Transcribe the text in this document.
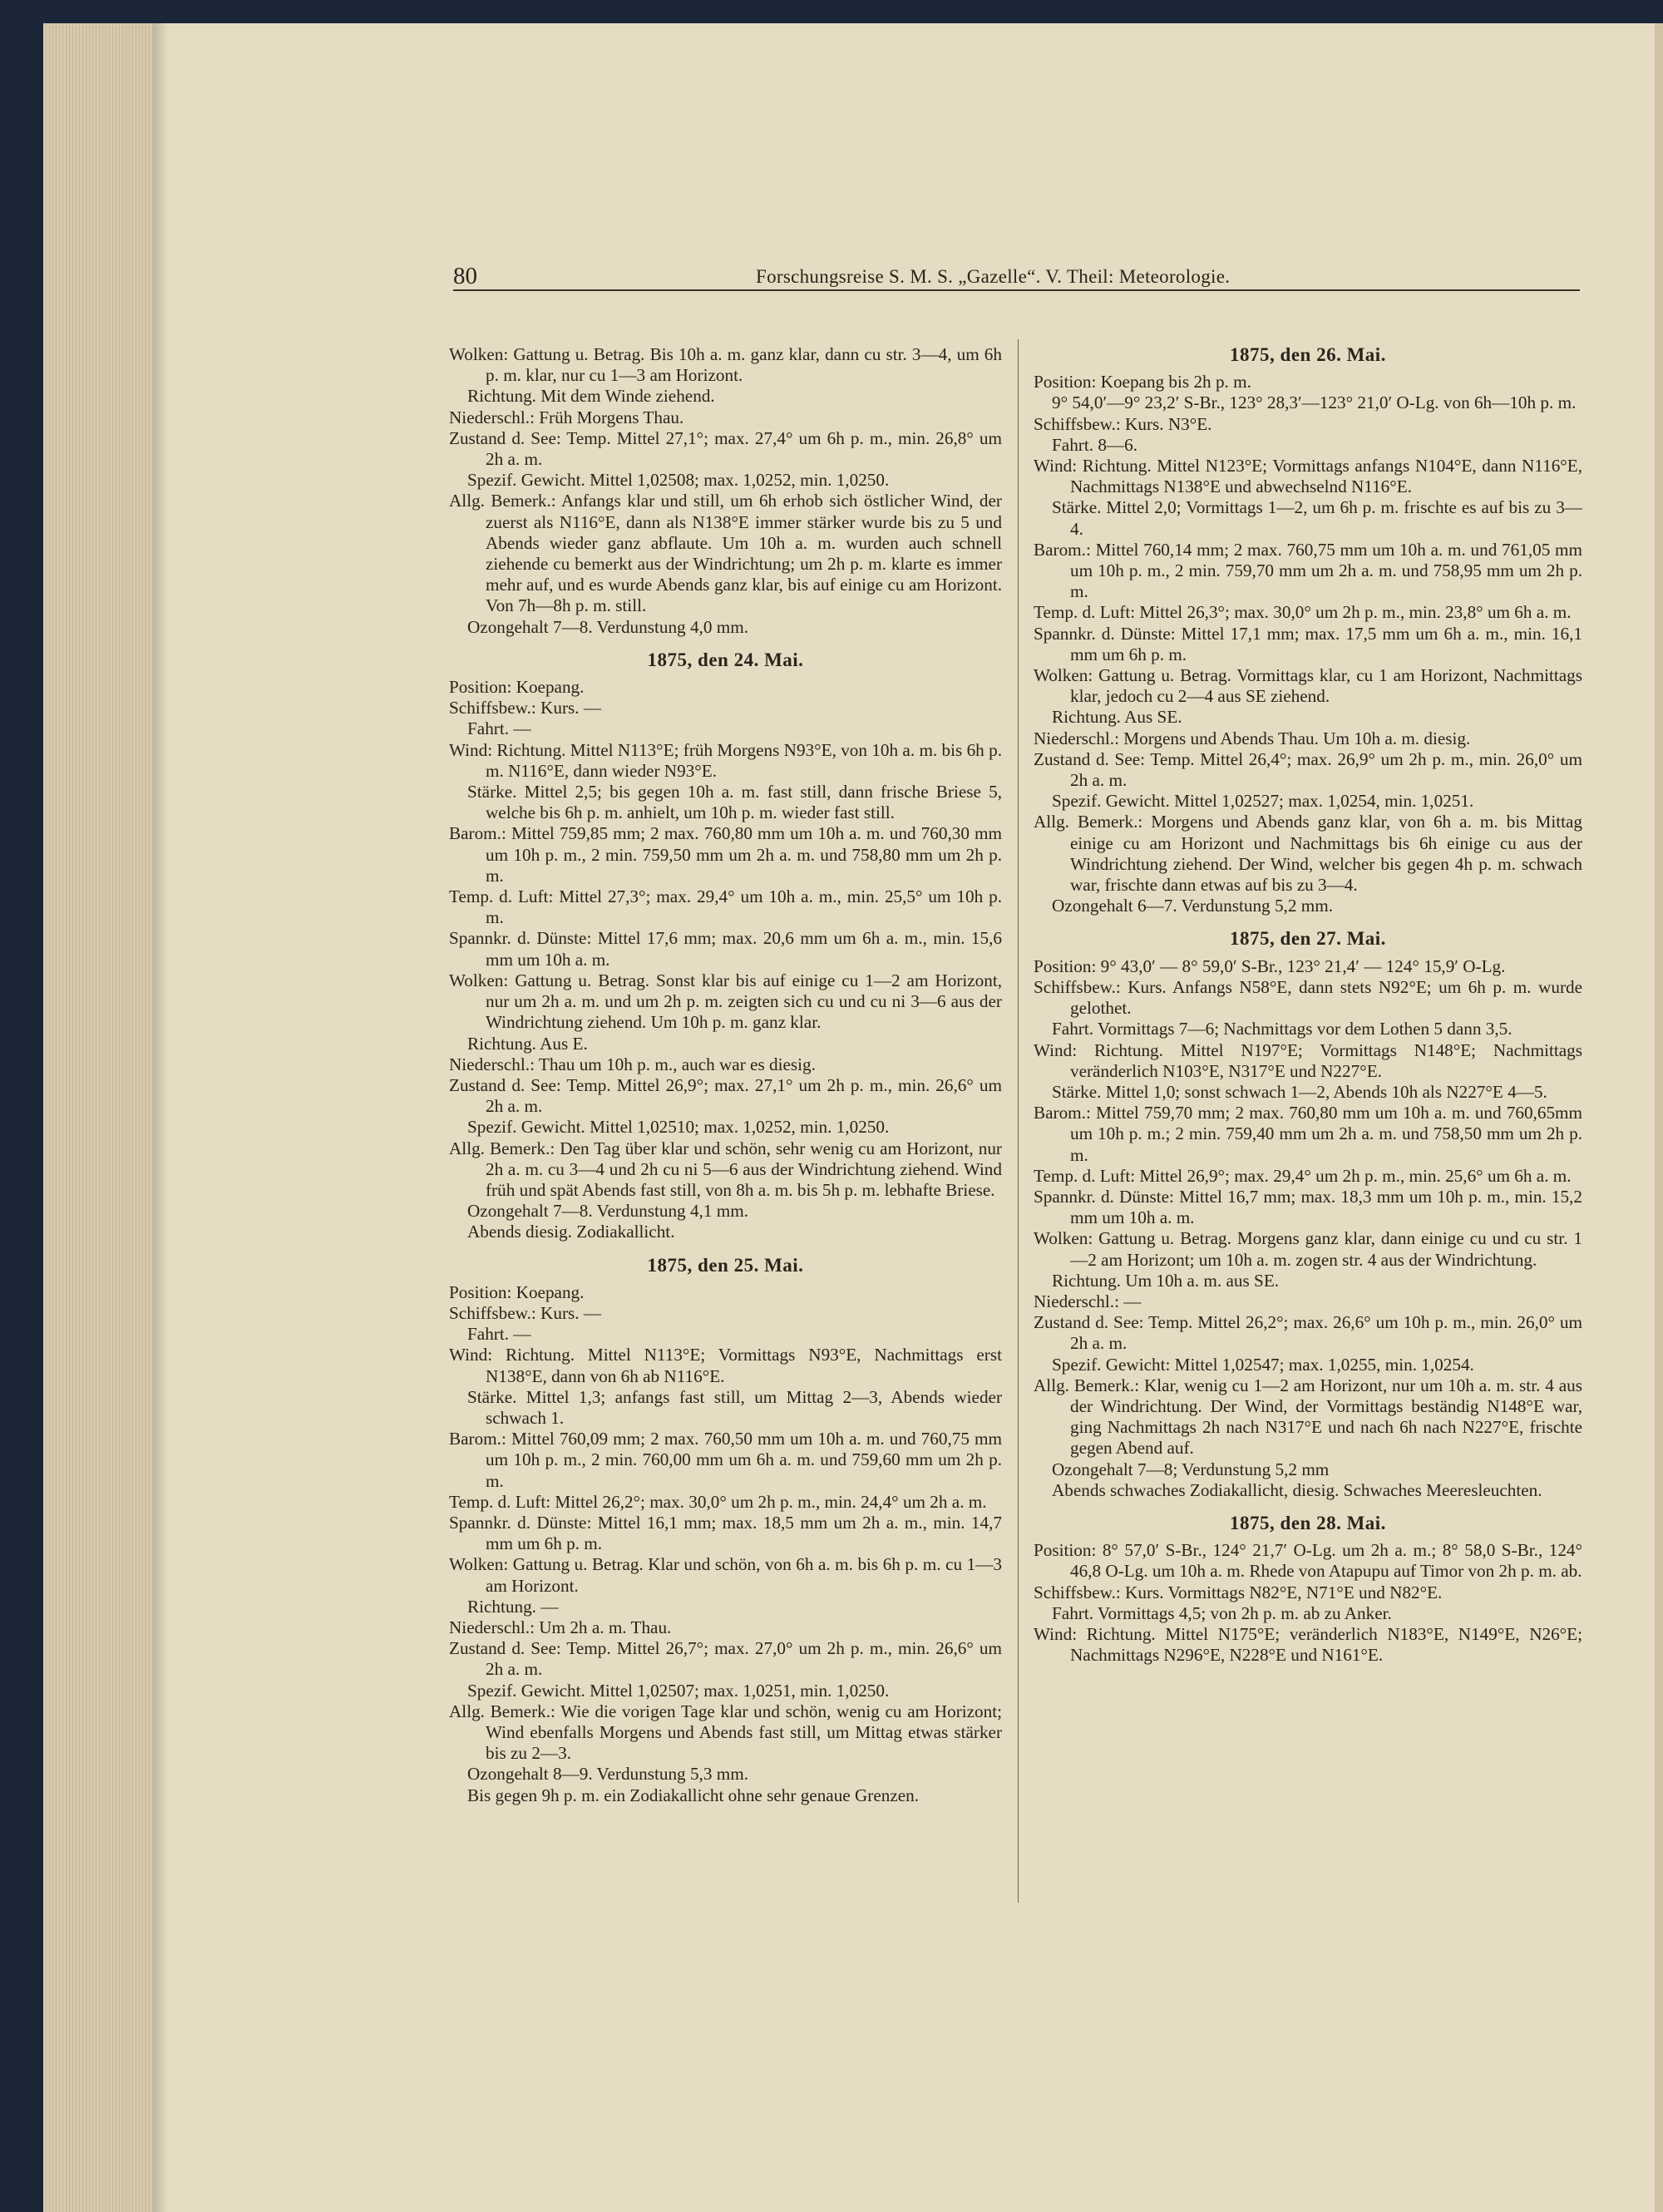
80	Forschungsreise S. M. S. „Gazelle“. V. Theil: Meteorologie.
Wolken: Gattung u. Betrag. Bis 10h a. m. ganz klar, dann cu str. 3—4, um 6h p. m. klar, nur cu 1—3 am Horizont.
Richtung. Mit dem Winde ziehend.
Niederschl.: Früh Morgens Thau.
Zustand d. See: Temp. Mittel 27,1°; max. 27,4° um 6h p. m., min. 26,8° um 2h a. m.
Spezif. Gewicht. Mittel 1,02508; max. 1,0252, min. 1,0250.
Allg. Bemerk.: Anfangs klar und still, um 6h erhob sich östlicher Wind, der zuerst als N116°E, dann als N138°E immer stärker wurde bis zu 5 und Abends wieder ganz abflaute. Um 10h a. m. wurden auch schnell ziehende cu bemerkt aus der Windrichtung; um 2h p. m. klarte es immer mehr auf, und es wurde Abends ganz klar, bis auf einige cu am Horizont. Von 7h—8h p. m. still.
Ozongehalt 7—8. Verdunstung 4,0 mm.
1875, den 24. Mai.
Position: Koepang.
Schiffsbew.: Kurs. —
Fahrt. —
Wind: Richtung. Mittel N113°E; früh Morgens N93°E, von 10h a. m. bis 6h p. m. N116°E, dann wieder N93°E.
Stärke. Mittel 2,5; bis gegen 10h a. m. fast still, dann frische Briese 5, welche bis 6h p. m. anhielt, um 10h p. m. wieder fast still.
Barom.: Mittel 759,85 mm; 2 max. 760,80 mm um 10h a. m. und 760,30 mm um 10h p. m., 2 min. 759,50 mm um 2h a. m. und 758,80 mm um 2h p. m.
Temp. d. Luft: Mittel 27,3°; max. 29,4° um 10h a. m., min. 25,5° um 10h p. m.
Spannkr. d. Dünste: Mittel 17,6 mm; max. 20,6 mm um 6h a. m., min. 15,6 mm um 10h a. m.
Wolken: Gattung u. Betrag. Sonst klar bis auf einige cu 1—2 am Horizont, nur um 2h a. m. und um 2h p. m. zeigten sich cu und cu ni 3—6 aus der Windrichtung ziehend. Um 10h p. m. ganz klar.
Richtung. Aus E.
Niederschl.: Thau um 10h p. m., auch war es diesig.
Zustand d. See: Temp. Mittel 26,9°; max. 27,1° um 2h p. m., min. 26,6° um 2h a. m.
Spezif. Gewicht. Mittel 1,02510; max. 1,0252, min. 1,0250.
Allg. Bemerk.: Den Tag über klar und schön, sehr wenig cu am Horizont, nur 2h a. m. cu 3—4 und 2h cu ni 5—6 aus der Windrichtung ziehend. Wind früh und spät Abends fast still, von 8h a. m. bis 5h p. m. lebhafte Briese.
Ozongehalt 7—8. Verdunstung 4,1 mm.
Abends diesig. Zodiakallicht.
1875, den 25. Mai.
Position: Koepang.
Schiffsbew.: Kurs. —
Fahrt. —
Wind: Richtung. Mittel N113°E; Vormittags N93°E, Nachmittags erst N138°E, dann von 6h ab N116°E.
Stärke. Mittel 1,3; anfangs fast still, um Mittag 2—3, Abends wieder schwach 1.
Barom.: Mittel 760,09 mm; 2 max. 760,50 mm um 10h a. m. und 760,75 mm um 10h p. m., 2 min. 760,00 mm um 6h a. m. und 759,60 mm um 2h p. m.
Temp. d. Luft: Mittel 26,2°; max. 30,0° um 2h p. m., min. 24,4° um 2h a. m.
Spannkr. d. Dünste: Mittel 16,1 mm; max. 18,5 mm um 2h a. m., min. 14,7 mm um 6h p. m.
Wolken: Gattung u. Betrag. Klar und schön, von 6h a. m. bis 6h p. m. cu 1—3 am Horizont.
Richtung. —
Niederschl.: Um 2h a. m. Thau.
Zustand d. See: Temp. Mittel 26,7°; max. 27,0° um 2h p. m., min. 26,6° um 2h a. m.
Spezif. Gewicht. Mittel 1,02507; max. 1,0251, min. 1,0250.
Allg. Bemerk.: Wie die vorigen Tage klar und schön, wenig cu am Horizont; Wind ebenfalls Morgens und Abends fast still, um Mittag etwas stärker bis zu 2—3.
Ozongehalt 8—9. Verdunstung 5,3 mm.
Bis gegen 9h p. m. ein Zodiakallicht ohne sehr genaue Grenzen.
1875, den 26. Mai.
Position: Koepang bis 2h p. m.
9° 54,0′—9° 23,2′ S-Br., 123° 28,3′—123° 21,0′ O-Lg. von 6h—10h p. m.
Schiffsbew.: Kurs. N3°E.
Fahrt. 8—6.
Wind: Richtung. Mittel N123°E; Vormittags anfangs N104°E, dann N116°E, Nachmittags N138°E und abwechselnd N116°E.
Stärke. Mittel 2,0; Vormittags 1—2, um 6h p. m. frischte es auf bis zu 3—4.
Barom.: Mittel 760,14 mm; 2 max. 760,75 mm um 10h a. m. und 761,05 mm um 10h p. m., 2 min. 759,70 mm um 2h a. m. und 758,95 mm um 2h p. m.
Temp. d. Luft: Mittel 26,3°; max. 30,0° um 2h p. m., min. 23,8° um 6h a. m.
Spannkr. d. Dünste: Mittel 17,1 mm; max. 17,5 mm um 6h a. m., min. 16,1 mm um 6h p. m.
Wolken: Gattung u. Betrag. Vormittags klar, cu 1 am Horizont, Nachmittags klar, jedoch cu 2—4 aus SE ziehend.
Richtung. Aus SE.
Niederschl.: Morgens und Abends Thau. Um 10h a. m. diesig.
Zustand d. See: Temp. Mittel 26,4°; max. 26,9° um 2h p. m., min. 26,0° um 2h a. m.
Spezif. Gewicht. Mittel 1,02527; max. 1,0254, min. 1,0251.
Allg. Bemerk.: Morgens und Abends ganz klar, von 6h a. m. bis Mittag einige cu am Horizont und Nachmittags bis 6h einige cu aus der Windrichtung ziehend. Der Wind, welcher bis gegen 4h p. m. schwach war, frischte dann etwas auf bis zu 3—4.
Ozongehalt 6—7. Verdunstung 5,2 mm.
1875, den 27. Mai.
Position: 9° 43,0′ — 8° 59,0′ S-Br., 123° 21,4′ — 124° 15,9′ O-Lg.
Schiffsbew.: Kurs. Anfangs N58°E, dann stets N92°E; um 6h p. m. wurde gelothet.
Fahrt. Vormittags 7—6; Nachmittags vor dem Lothen 5 dann 3,5.
Wind: Richtung. Mittel N197°E; Vormittags N148°E; Nachmittags veränderlich N103°E, N317°E und N227°E.
Stärke. Mittel 1,0; sonst schwach 1—2, Abends 10h als N227°E 4—5.
Barom.: Mittel 759,70 mm; 2 max. 760,80 mm um 10h a. m. und 760,65mm um 10h p. m.; 2 min. 759,40 mm um 2h a. m. und 758,50 mm um 2h p. m.
Temp. d. Luft: Mittel 26,9°; max. 29,4° um 2h p. m., min. 25,6° um 6h a. m.
Spannkr. d. Dünste: Mittel 16,7 mm; max. 18,3 mm um 10h p. m., min. 15,2 mm um 10h a. m.
Wolken: Gattung u. Betrag. Morgens ganz klar, dann einige cu und cu str. 1—2 am Horizont; um 10h a. m. zogen str. 4 aus der Windrichtung.
Richtung. Um 10h a. m. aus SE.
Niederschl.: —
Zustand d. See: Temp. Mittel 26,2°; max. 26,6° um 10h p. m., min. 26,0° um 2h a. m.
Spezif. Gewicht: Mittel 1,02547; max. 1,0255, min. 1,0254.
Allg. Bemerk.: Klar, wenig cu 1—2 am Horizont, nur um 10h a. m. str. 4 aus der Windrichtung. Der Wind, der Vormittags beständig N148°E war, ging Nachmittags 2h nach N317°E und nach 6h nach N227°E, frischte gegen Abend auf.
Ozongehalt 7—8; Verdunstung 5,2 mm
Abends schwaches Zodiakallicht, diesig. Schwaches Meeresleuchten.
1875, den 28. Mai.
Position: 8° 57,0′ S-Br., 124° 21,7′ O-Lg. um 2h a. m.; 8° 58,0 S-Br., 124° 46,8 O-Lg. um 10h a. m. Rhede von Atapupu auf Timor von 2h p. m. ab.
Schiffsbew.: Kurs. Vormittags N82°E, N71°E und N82°E.
Fahrt. Vormittags 4,5; von 2h p. m. ab zu Anker.
Wind: Richtung. Mittel N175°E; veränderlich N183°E, N149°E, N26°E; Nachmittags N296°E, N228°E und N161°E.
